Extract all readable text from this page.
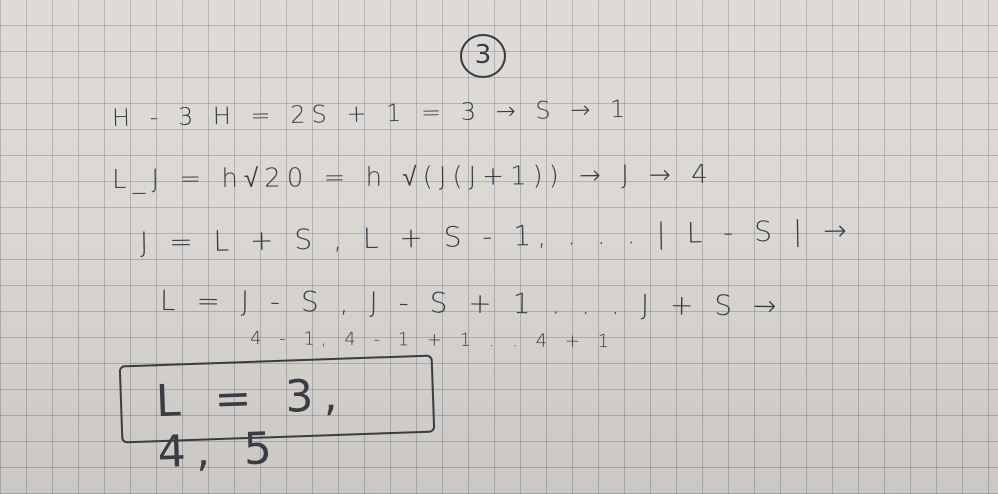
3
H - 3 H = 2S + 1 = 3 → S → 1
L_J = h√20 = h √(J(J+1)) → J → 4
J = L + S , L + S - 1, . . . | L - S | →
L = J - S , J - S + 1 . . . J + S →
4 - 1, 4 - 1 + 1 . . 4 + 1
L = 3, 4, 5
